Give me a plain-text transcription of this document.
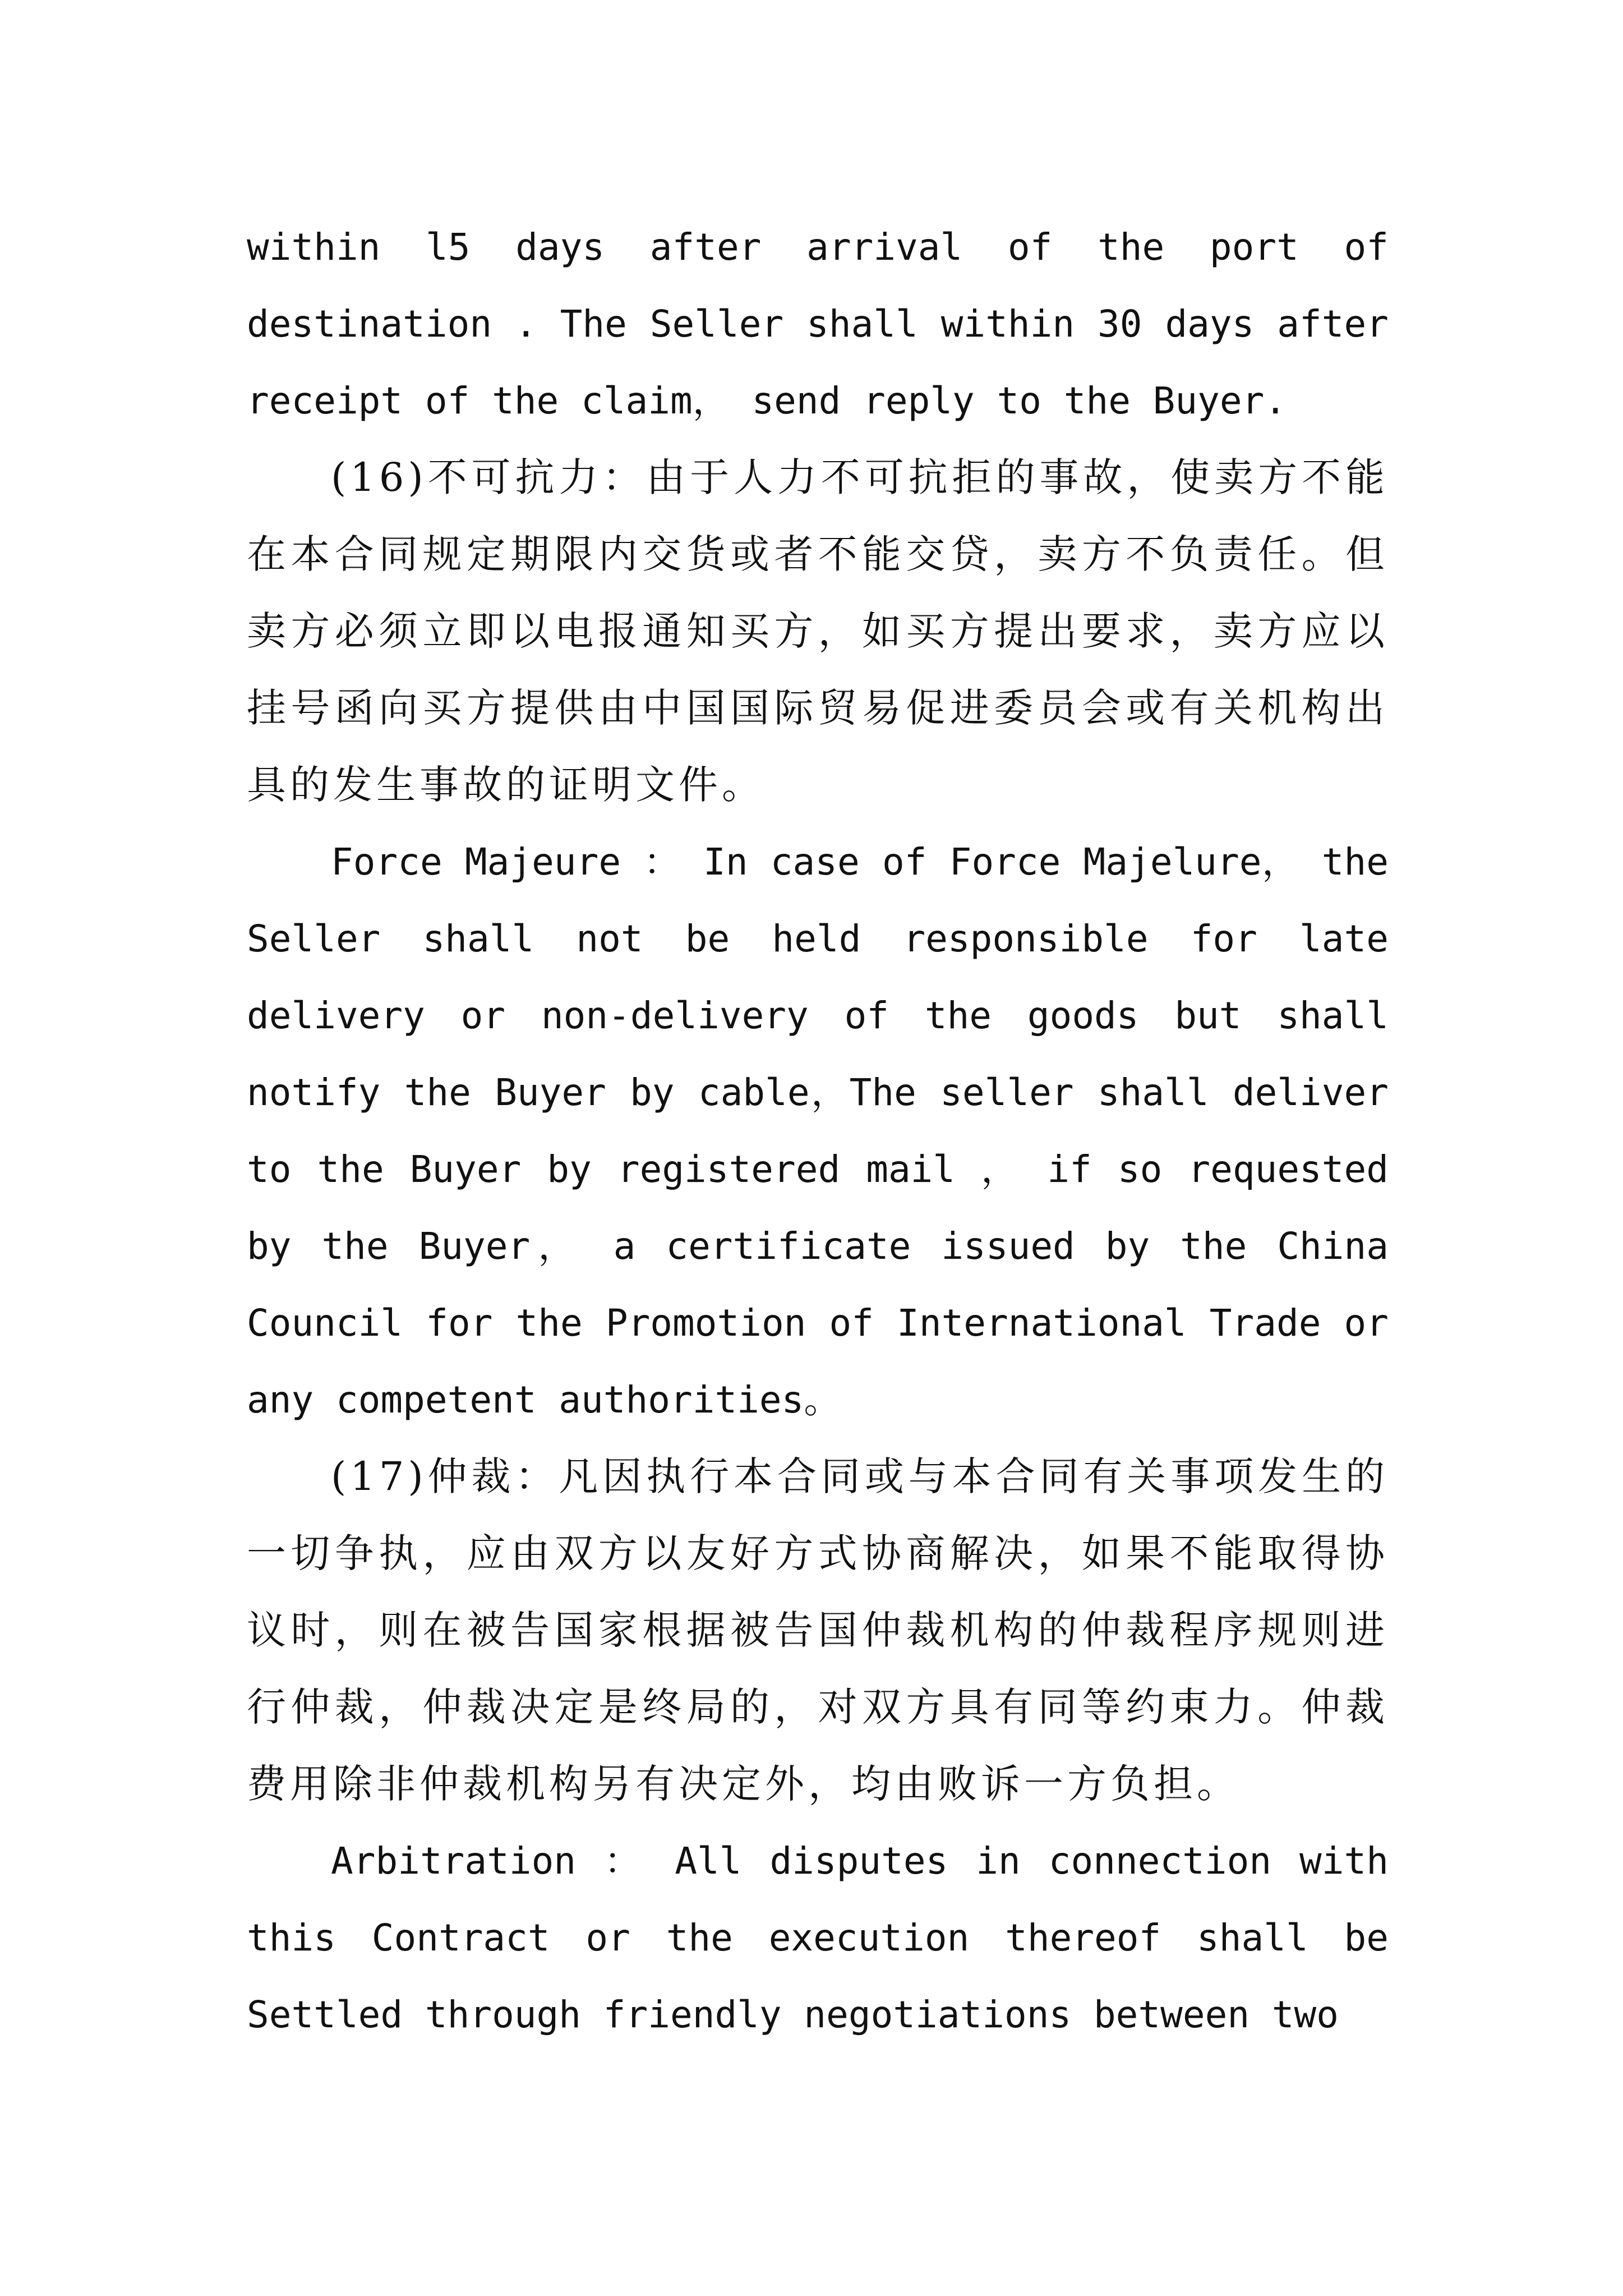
within l5 days after arrival of the port of destination . The Seller shall within 30 days after receipt of the claim， send reply to the Buyer.

(16)不可抗力：由于人力不可抗拒的事故，使卖方不能在本合同规定期限内交货或者不能交贷，卖方不负责任。但卖方必须立即以电报通知买方，如买方提出要求，卖方应以挂号函向买方提供由中国国际贸易促进委员会或有关机构出具的发生事故的证明文件。

Force Majeure ： In case of Force Majelure， the Seller shall not be held responsible for late delivery or non-delivery of the goods but shall notify the Buyer by cable，The seller shall deliver to the Buyer by registered mail ， if so requested by the Buyer， a certificate issued by the China Council for the Promotion of International Trade or any competent authorities。

(17)仲裁：凡因执行本合同或与本合同有关事项发生的一切争执，应由双方以友好方式协商解决，如果不能取得协议时，则在被告国家根据被告国仲裁机构的仲裁程序规则进行仲裁，仲裁决定是终局的，对双方具有同等约束力。仲裁费用除非仲裁机构另有决定外，均由败诉一方负担。

Arbitration ： All disputes in connection with this Contract or the execution thereof shall be Settled through friendly negotiations between two
